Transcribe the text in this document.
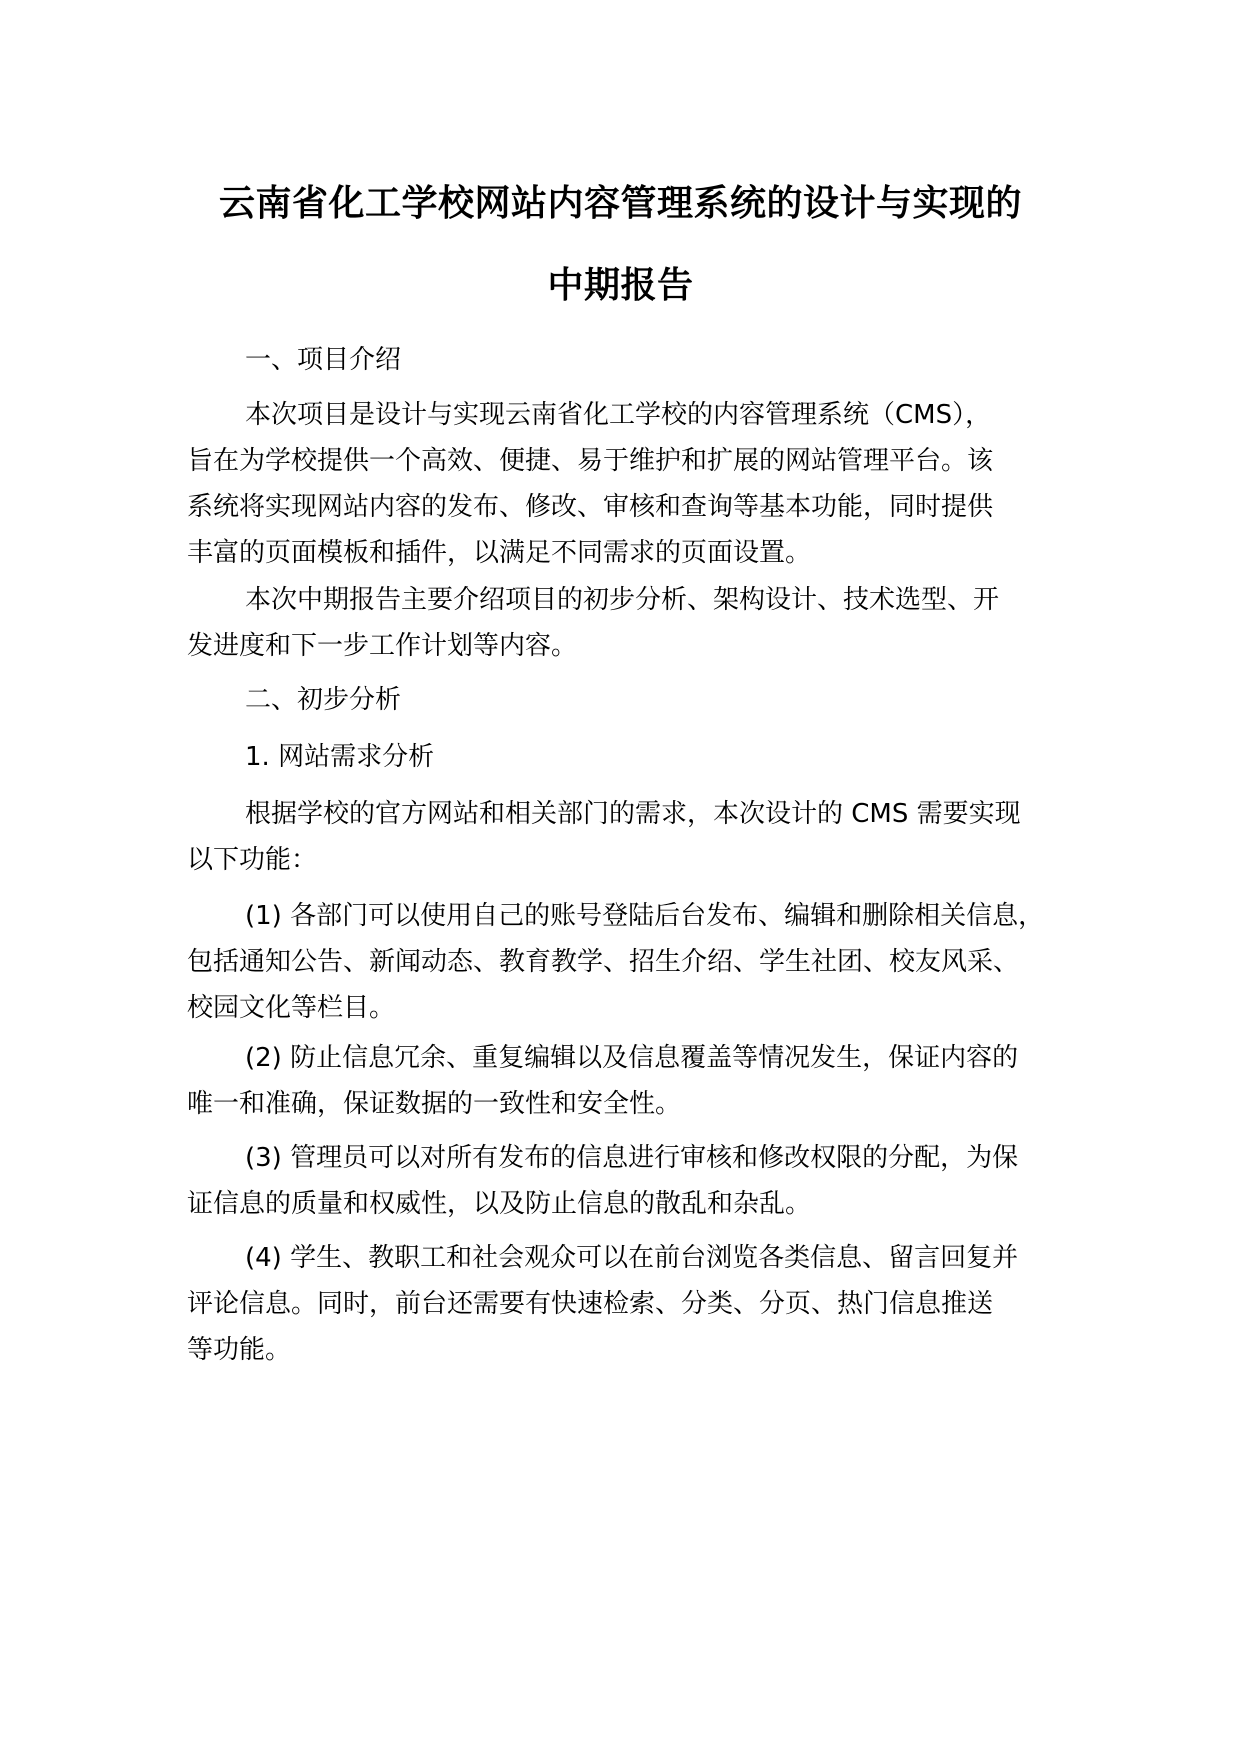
云南省化工学校网站内容管理系统的设计与实现的
中期报告
一、项目介绍
本次项目是设计与实现云南省化工学校的内容管理系统（CMS），
旨在为学校提供一个高效、便捷、易于维护和扩展的网站管理平台。该
系统将实现网站内容的发布、修改、审核和查询等基本功能，同时提供
丰富的页面模板和插件，以满足不同需求的页面设置。
本次中期报告主要介绍项目的初步分析、架构设计、技术选型、开
发进度和下一步工作计划等内容。
二、初步分析
1. 网站需求分析
根据学校的官方网站和相关部门的需求，本次设计的 CMS 需要实现
以下功能：
(1) 各部门可以使用自己的账号登陆后台发布、编辑和删除相关信息，
包括通知公告、新闻动态、教育教学、招生介绍、学生社团、校友风采、
校园文化等栏目。
(2) 防止信息冗余、重复编辑以及信息覆盖等情况发生，保证内容的
唯一和准确，保证数据的一致性和安全性。
(3) 管理员可以对所有发布的信息进行审核和修改权限的分配，为保
证信息的质量和权威性，以及防止信息的散乱和杂乱。
(4) 学生、教职工和社会观众可以在前台浏览各类信息、留言回复并
评论信息。同时，前台还需要有快速检索、分类、分页、热门信息推送
等功能。
